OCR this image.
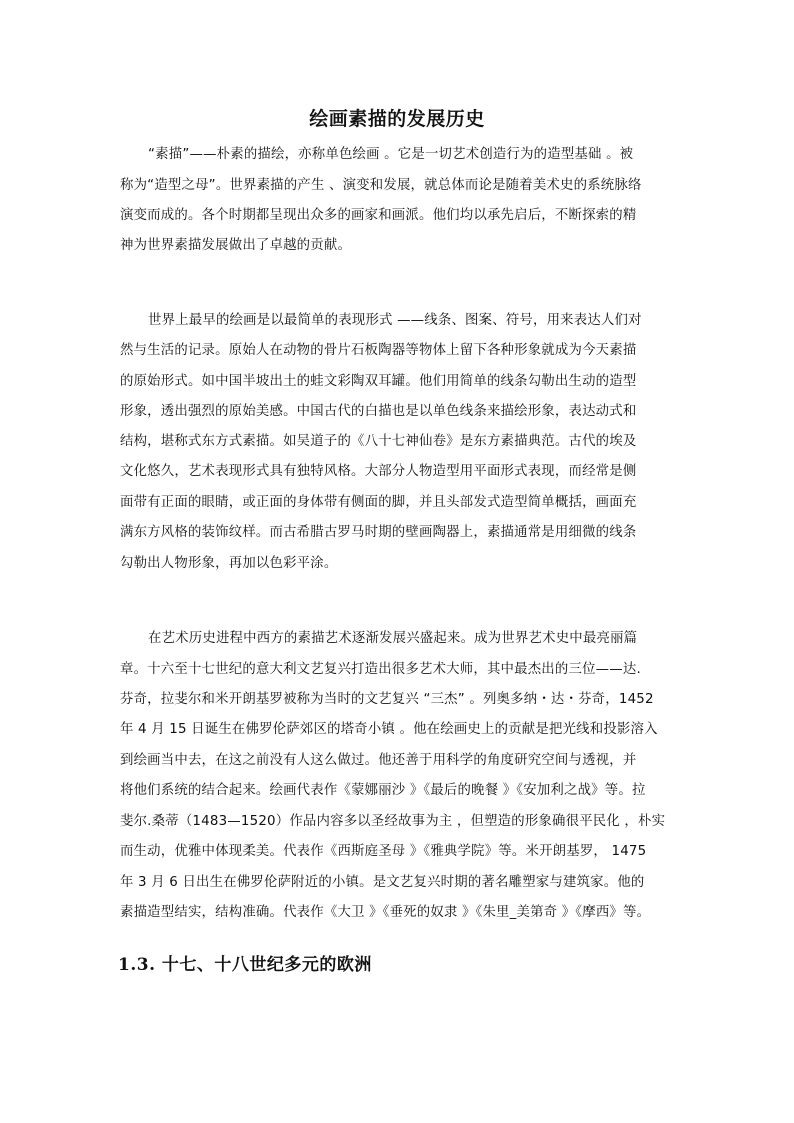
绘画素描的发展历史
“素描”——朴素的描绘，亦称单色绘画 。它是一切艺术创造行为的造型基础 。被
称为“造型之母”。世界素描的产生 、演变和发展，就总体而论是随着美术史的系统脉络
演变而成的。各个时期都呈现出众多的画家和画派。他们均以承先启后，不断探索的精
神为世界素描发展做出了卓越的贡献。
世界上最早的绘画是以最简单的表现形式 ——线条、图案、符号，用来表达人们对
然与生活的记录。原始人在动物的骨片石板陶器等物体上留下各种形象就成为今天素描
的原始形式。如中国半坡出土的蛙文彩陶双耳罐。他们用简单的线条勾勒出生动的造型
形象，透出强烈的原始美感。中国古代的白描也是以单色线条来描绘形象，表达动式和
结构，堪称式东方式素描。如吴道子的《八十七神仙卷》是东方素描典范。古代的埃及
文化悠久，艺术表现形式具有独特风格。大部分人物造型用平面形式表现，而经常是侧
面带有正面的眼睛，或正面的身体带有侧面的脚，并且头部发式造型简单概括，画面充
满东方风格的装饰纹样。而古希腊古罗马时期的壁画陶器上，素描通常是用细微的线条
勾勒出人物形象，再加以色彩平涂。
在艺术历史进程中西方的素描艺术逐渐发展兴盛起来。成为世界艺术史中最亮丽篇
章。十六至十七世纪的意大利文艺复兴打造出很多艺术大师，其中最杰出的三位——达.
芬奇，拉斐尔和米开朗基罗被称为当时的文艺复兴 “三杰” 。列奥多纳・达・芬奇，1452
年 4 月 15 日诞生在佛罗伦萨郊区的塔奇小镇 。他在绘画史上的贡献是把光线和投影溶入
到绘画当中去，在这之前没有人这么做过。他还善于用科学的角度研究空间与透视，并
将他们系统的结合起来。绘画代表作《蒙娜丽沙 》《最后的晚餐 》《安加利之战》等。拉
斐尔.桑蒂（1483—1520）作品内容多以圣经故事为主 ，但塑造的形象确很平民化 ，朴实
而生动，优雅中体现柔美。代表作《西斯庭圣母 》《雅典学院》等。米开朗基罗， 1475
年 3 月 6 日出生在佛罗伦萨附近的小镇。是文艺复兴时期的著名雕塑家与建筑家。他的
素描造型结实，结构准确。代表作《大卫 》《垂死的奴隶 》《朱里_美第奇 》《摩西》等。
1.3. 十七、十八世纪多元的欧洲
